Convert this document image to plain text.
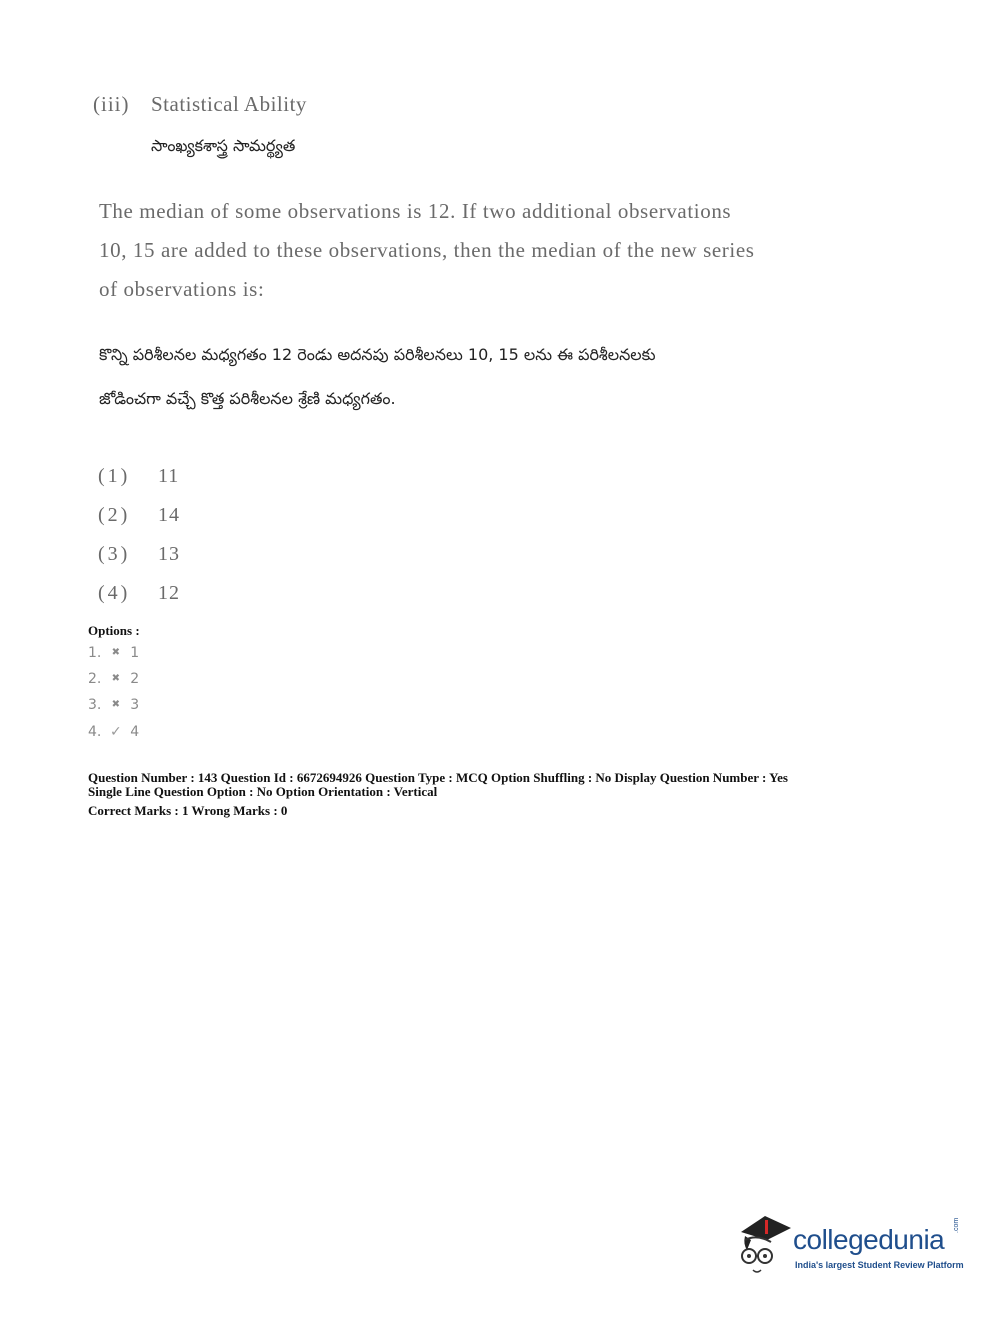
(iii) Statistical Ability
సాంఖ్యకశాస్త్ర సామర్థ్యత
The median of some observations is 12. If two additional observations
10, 15 are added to these observations, then the median of the new series
of observations is:
కొన్ని పరిశీలనల మధ్యగతం 12 రెండు అదనపు పరిశీలనలు 10, 15 లను ఈ పరిశీలనలకు
జోడించగా వచ్చే కొత్త పరిశీలనల శ్రేణి మధ్యగతం.
(1) 11
(2) 14
(3) 13
(4) 12
Options :
1. ✖ 1
2. ✖ 2
3. ✖ 3
4. ✓ 4
Question Number : 143 Question Id : 6672694926 Question Type : MCQ Option Shuffling : No Display Question Number : Yes
Single Line Question Option : No Option Orientation : Vertical
Correct Marks : 1 Wrong Marks : 0
collegedunia .com
India's largest Student Review Platform
